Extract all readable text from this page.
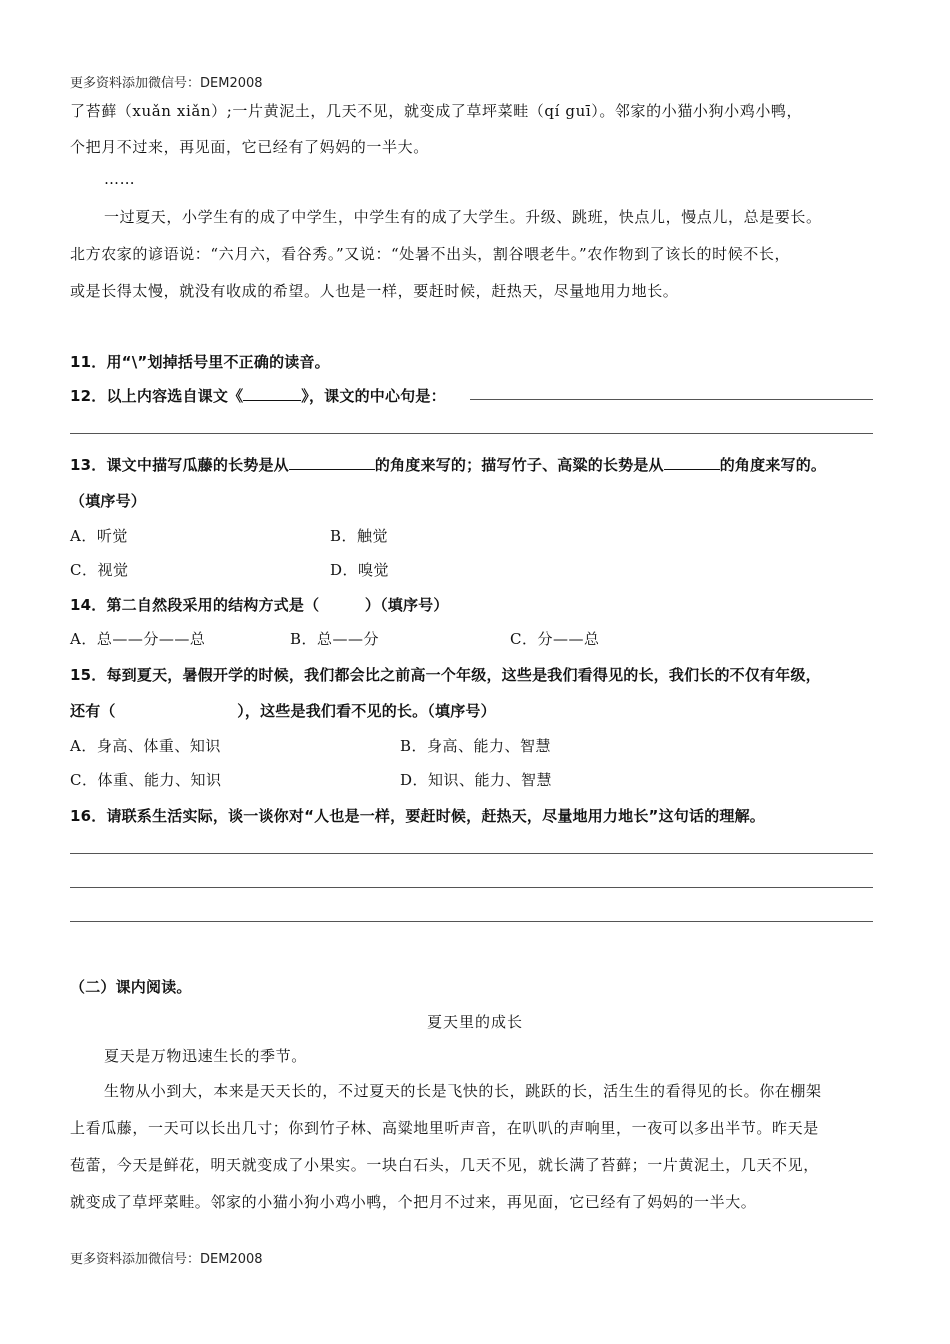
更多资料添加微信号：DEM2008
了苔藓（xuǎn xiǎn）;一片黄泥土，几天不见，就变成了草坪菜畦（qí guī）。邻家的小猫小狗小鸡小鸭，
个把月不过来，再见面，它已经有了妈妈的一半大。
……
一过夏天，小学生有的成了中学生，中学生有的成了大学生。升级、跳班，快点儿，慢点儿，总是要长。
北方农家的谚语说：“六月六，看谷秀。”又说：“处暑不出头，割谷喂老牛。”农作物到了该长的时候不长，
或是长得太慢，就没有收成的希望。人也是一样，要赶时候，赶热天，尽量地用力地长。
11．用“\”划掉括号里不正确的读音。
12．以上内容选自课文《	》，课文的中心句是：
13．课文中描写瓜藤的长势是从	的角度来写的；描写竹子、高粱的长势是从	的角度来写的。
（填序号）
A．听觉	B．触觉
C．视觉	D．嗅觉
14．第二自然段采用的结构方式是（　　　）（填序号）
A．总——分——总	B．总——分	C．分——总
15．每到夏天，暑假开学的时候，我们都会比之前高一个年级，这些是我们看得见的长，我们长的不仅有年级，
还有（　　　　　　　　），这些是我们看不见的长。（填序号）
A．身高、体重、知识	B．身高、能力、智慧
C．体重、能力、知识	D．知识、能力、智慧
16．请联系生活实际，谈一谈你对“人也是一样，要赶时候，赶热天，尽量地用力地长”这句话的理解。
（二）课内阅读。
夏天里的成长
夏天是万物迅速生长的季节。
生物从小到大，本来是天天长的，不过夏天的长是飞快的长，跳跃的长，活生生的看得见的长。你在棚架
上看瓜藤，一天可以长出几寸；你到竹子林、高粱地里听声音，在叭叭的声响里，一夜可以多出半节。昨天是
苞蕾，今天是鲜花，明天就变成了小果实。一块白石头，几天不见，就长满了苔藓；一片黄泥土，几天不见，
就变成了草坪菜畦。邻家的小猫小狗小鸡小鸭，个把月不过来，再见面，它已经有了妈妈的一半大。
更多资料添加微信号：DEM2008
